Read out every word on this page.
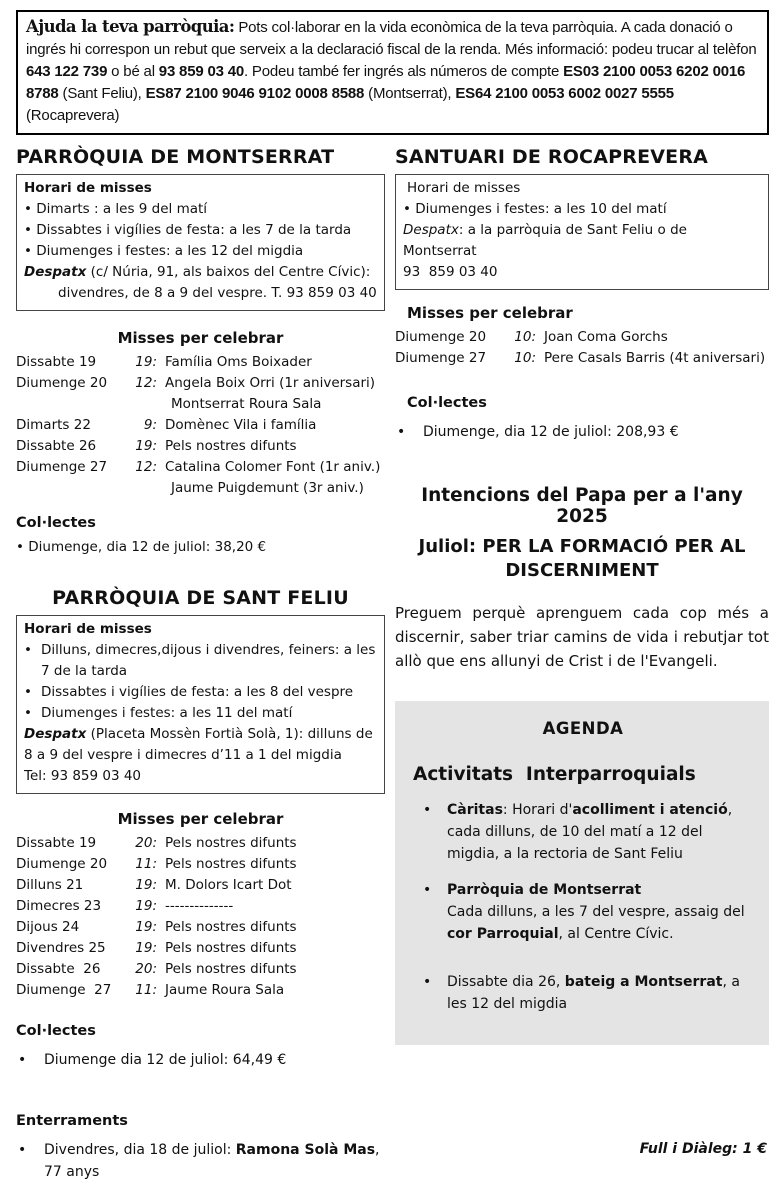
Ajuda la teva parròquia: Pots col·laborar en la vida econòmica de la teva parròquia. A cada donació o ingrés hi correspon un rebut que serveix a la declaració fiscal de la renda. Més informació: podeu trucar al telèfon 643 122 739 o bé al 93 859 03 40. Podeu també fer ingrés als números de compte ES03 2100 0053 6202 0016 8788 (Sant Feliu), ES87 2100 9046 9102 0008 8588 (Montserrat), ES64 2100 0053 6002 0027 5555 (Rocaprevera)
PARRÒQUIA DE MONTSERRAT
Horari de misses
• Dimarts : a les 9 del matí
• Dissabtes i vigílies de festa: a les 7 de la tarda
• Diumenges i festes: a les 12 del migdia
Despatx (c/ Núria, 91, als baixos del Centre Cívic):
divendres, de 8 a 9 del vespre. T. 93 859 03 40
Misses per celebrar
Dissabte 19	19: Família Oms Boixader
Diumenge 20	12: Angela Boix Orri (1r aniversari)
Montserrat Roura Sala
Dimarts 22	9: Domènec Vila i família
Dissabte 26	19: Pels nostres difunts
Diumenge 27	12: Catalina Colomer Font (1r aniv.)
Jaume Puigdemunt (3r aniv.)
Col·lectes
• Diumenge, dia 12 de juliol: 38,20 €
PARRÒQUIA DE SANT FELIU
Horari de misses
• Dilluns, dimecres,dijous i divendres, feiners: a les 7 de la tarda
• Dissabtes i vigílies de festa: a les 8 del vespre
• Diumenges i festes: a les 11 del matí
Despatx (Placeta Mossèn Fortià Solà, 1): dilluns de 8 a 9 del vespre i dimecres d’11 a 1 del migdia
Tel: 93 859 03 40
Misses per celebrar
Dissabte 19	20: Pels nostres difunts
Diumenge 20	11: Pels nostres difunts
Dilluns 21	19: M. Dolors Icart Dot
Dimecres 23	19: --------------
Dijous 24	19: Pels nostres difunts
Divendres 25	19: Pels nostres difunts
Dissabte  26	20: Pels nostres difunts
Diumenge  27	11: Jaume Roura Sala
Col·lectes
•	Diumenge dia 12 de juliol: 64,49 €
Enterraments
•	Divendres, dia 18 de juliol: Ramona Solà Mas, 77 anys
SANTUARI DE ROCAPREVERA
Horari de misses
• Diumenges i festes: a les 10 del matí
Despatx: a la parròquia de Sant Feliu o de Montserrat
93  859 03 40
Misses per celebrar
Diumenge 20	10: Joan Coma Gorchs
Diumenge 27	10: Pere Casals Barris (4t aniversari)
Col·lectes
•	Diumenge, dia 12 de juliol: 208,93 €
Intencions del Papa per a l'any 2025
Juliol: PER LA FORMACIÓ PER AL DISCERNIMENT

Preguem perquè aprenguem cada cop més a discernir, saber triar camins de vida i rebutjar tot allò que ens allunyi de Crist i de l'Evangeli.

AGENDA
Activitats  Interparroquials
•	Càritas: Horari d'acolliment i atenció, cada dilluns, de 10 del matí a 12 del migdia, a la rectoria de Sant Feliu
•	Parròquia de Montserrat
Cada dilluns, a les 7 del vespre, assaig del cor Parroquial, al Centre Cívic.
•	Dissabte dia 26, bateig a Montserrat, a les 12 del migdia
Full i Diàleg: 1 €
